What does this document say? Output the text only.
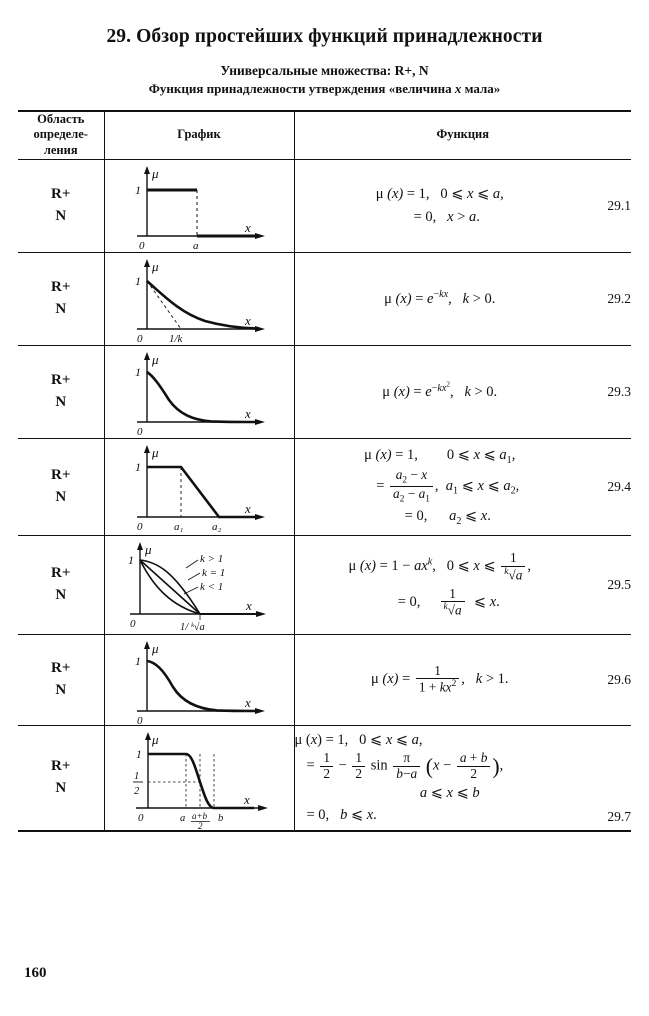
29. Обзор простейших функций принадлежности
Универсальные множества: R+, N
Функция принадлежности утверждения «величина x мала»
Область
определе-
ления	График	Функция

R+
N

1
μ
0	a
x

μ (x) = 1,   0 ⩽ x ⩽ a,
= 0,   x > a.
29.1

R+
N

1
μ
0 1/k
x

μ $(x) = e^{-kx}$,   k > 0.	29.2

R+
N

1
μ
0
x

μ $(x) = e^{-kx^2}$,   k > 0.	29.3

R+
N

1
μ
0	a₁	a₂
x

μ (x) = 1,        0 ⩽ x ⩽ $a_1$,
= $\frac{a_2 - x}{a_2 - a_1}$ ,  $a_1$ ⩽ x ⩽ $a_2$,
= 0,      $a_2$ ⩽ x.
29.4

R+
N

1
μ
0
x
k > 1
k = 1
k < 1
1/ ᵏ√a

μ $(x) = 1 - ax^k$,   0 ⩽ x ⩽ $\frac{1}{^k√a}$ ,
= 0, $\frac{1}{^k√a}$ ⩽ x.
29.5

R+
N

1
μ
0
x

μ $(x) = \frac{1}{1 + kx^2}$ ,   k > 1.	29.6

R+
N

1
1
2
μ
0	a a+b
2
b
x

μ (x) = 1,   0 ⩽ x ⩽ a,
= $\frac{1}{2} - \frac{1}{2}$ $\sin \frac{\pi}{b-a} (x - \frac{a + b}{2}$ ),
a ⩽ x ⩽ b
= 0,   b ⩽ x.	29.7
160
